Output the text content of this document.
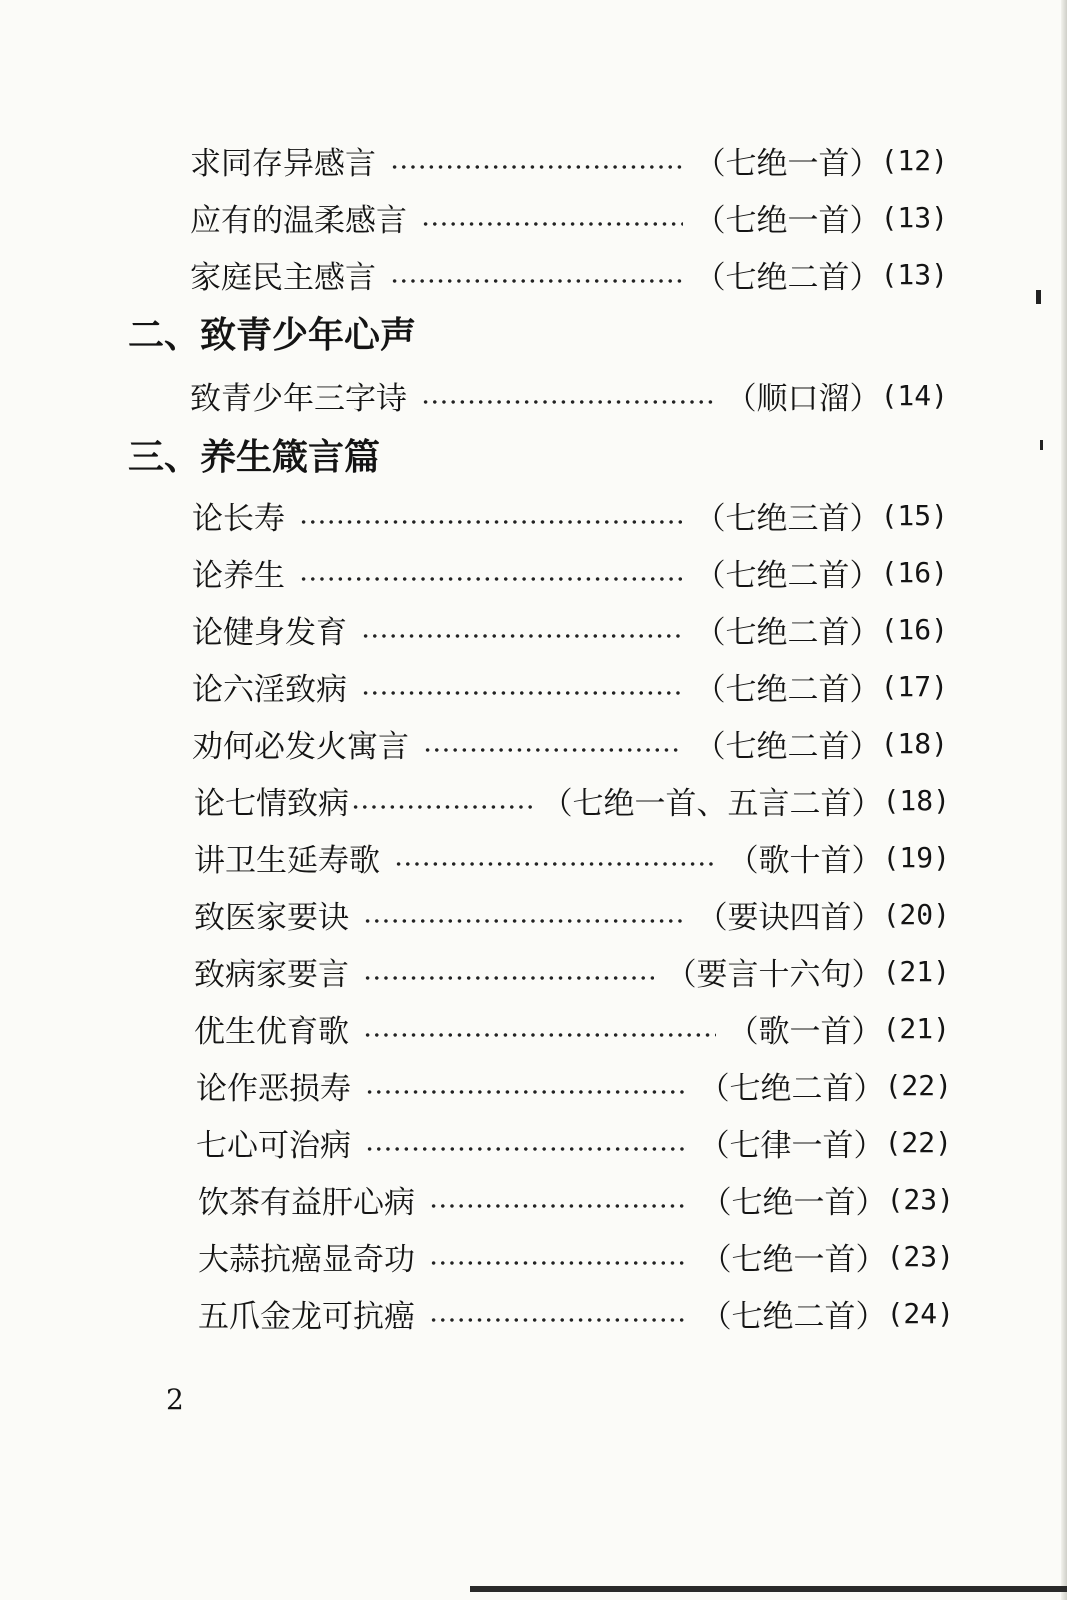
求同存异感言	（七绝一首） (12)
应有的温柔感言	（七绝一首） (13)
家庭民主感言	（七绝二首） (13)
二、致青少年心声
致青少年三字诗	（顺口溜） (14)
三、养生箴言篇
论长寿	（七绝三首） (15)
论养生	（七绝二首） (16)
论健身发育	（七绝二首） (16)
论六淫致病	（七绝二首） (17)
劝何必发火寓言	（七绝二首） (18)
论七情致病	（七绝一首、五言二首） (18)
讲卫生延寿歌	（歌十首） (19)
致医家要诀	（要诀四首） (20)
致病家要言	（要言十六句） (21)
优生优育歌	（歌一首） (21)
论作恶损寿	（七绝二首） (22)
七心可治病	（七律一首） (22)
饮茶有益肝心病	（七绝一首） (23)
大蒜抗癌显奇功	（七绝一首） (23)
五爪金龙可抗癌	（七绝二首） (24)
2
